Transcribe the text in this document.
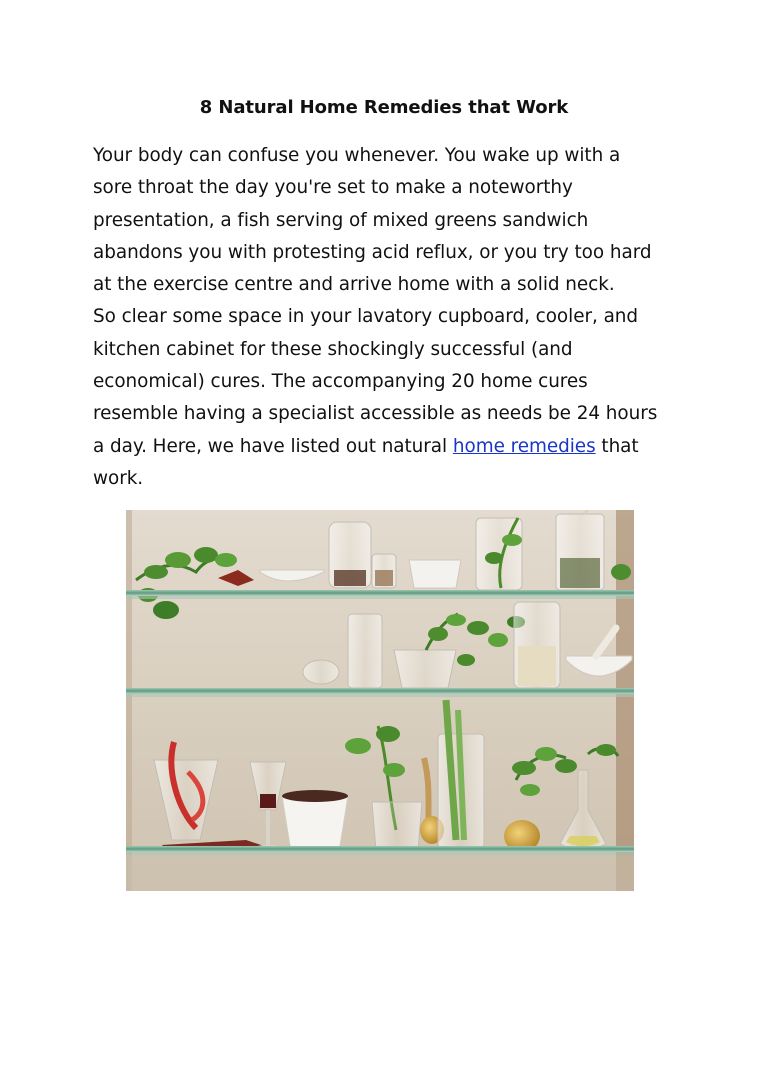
8 Natural Home Remedies that Work
Your body can confuse you whenever. You wake up with a
sore throat the day you're set to make a noteworthy
presentation, a fish serving of mixed greens sandwich
abandons you with protesting acid reflux, or you try too hard
at the exercise centre and arrive home with a solid neck.
So clear some space in your lavatory cupboard, cooler, and
kitchen cabinet for these shockingly successful (and
economical) cures. The accompanying 20 home cures
resemble having a specialist accessible as needs be 24 hours
a day. Here, we have listed out natural home remedies that
work.
